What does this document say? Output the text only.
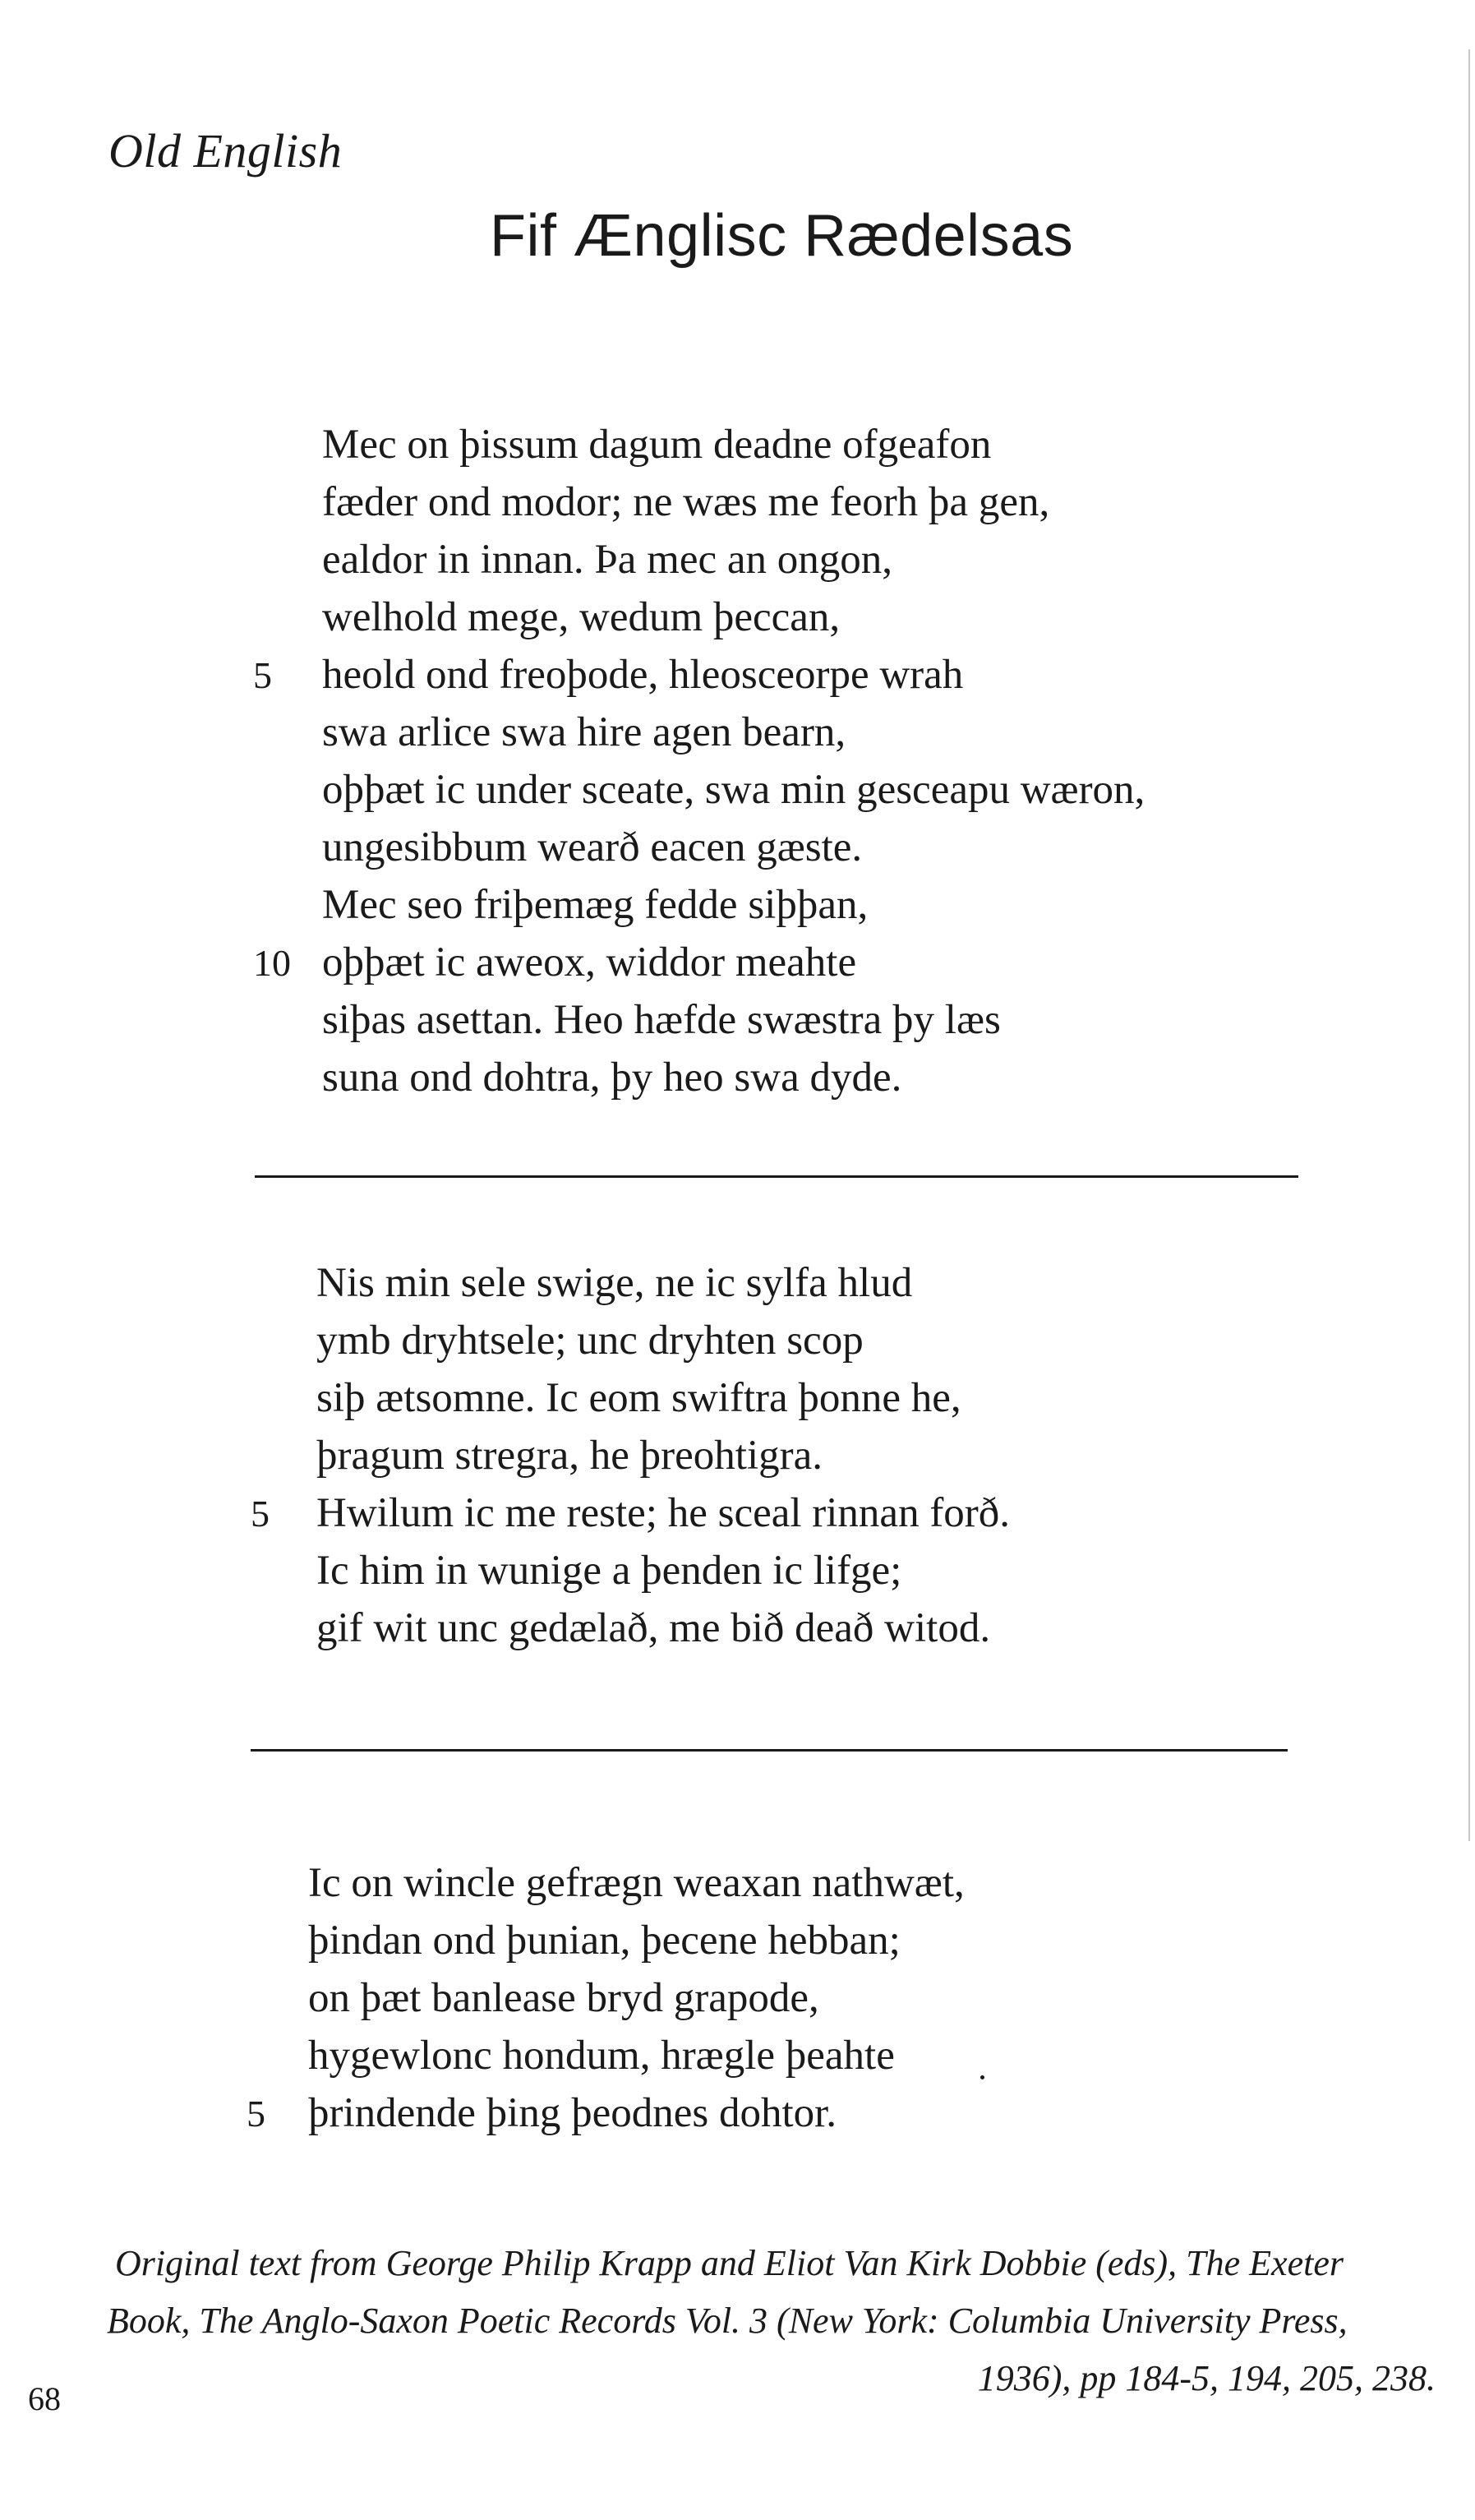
Old English
Fif Ænglisc Rædelsas
Mec on þissum dagum deadne ofgeafon
fæder ond modor; ne wæs me feorh þa gen,
ealdor in innan. Þa mec an ongon,
welhold mege, wedum þeccan,
5 heold ond freoþode, hleosceorpe wrah
swa arlice swa hire agen bearn,
oþþæt ic under sceate, swa min gesceapu wæron,
ungesibbum wearð eacen gæste.
Mec seo friþemæg fedde siþþan,
10 oþþæt ic aweox, widdor meahte
siþas asettan. Heo hæfde swæstra þy læs
suna ond dohtra, þy heo swa dyde.
Nis min sele swige, ne ic sylfa hlud
ymb dryhtsele; unc dryhten scop
siþ ætsomne. Ic eom swiftra þonne he,
þragum stregra, he þreohtigra.
5 Hwilum ic me reste; he sceal rinnan forð.
Ic him in wunige a þenden ic lifge;
gif wit unc gedælað, me bið deað witod.
Ic on wincle gefrægn weaxan nathwæt,
þindan ond þunian, þecene hebban;
on þæt banlease bryd grapode,
hygewlonc hondum, hrægle þeahte
5 þrindende þing þeodnes dohtor.
Original text from George Philip Krapp and Eliot Van Kirk Dobbie (eds), The Exeter
Book, The Anglo-Saxon Poetic Records Vol. 3 (New York: Columbia University Press,
1936), pp 184-5, 194, 205, 238.
68
